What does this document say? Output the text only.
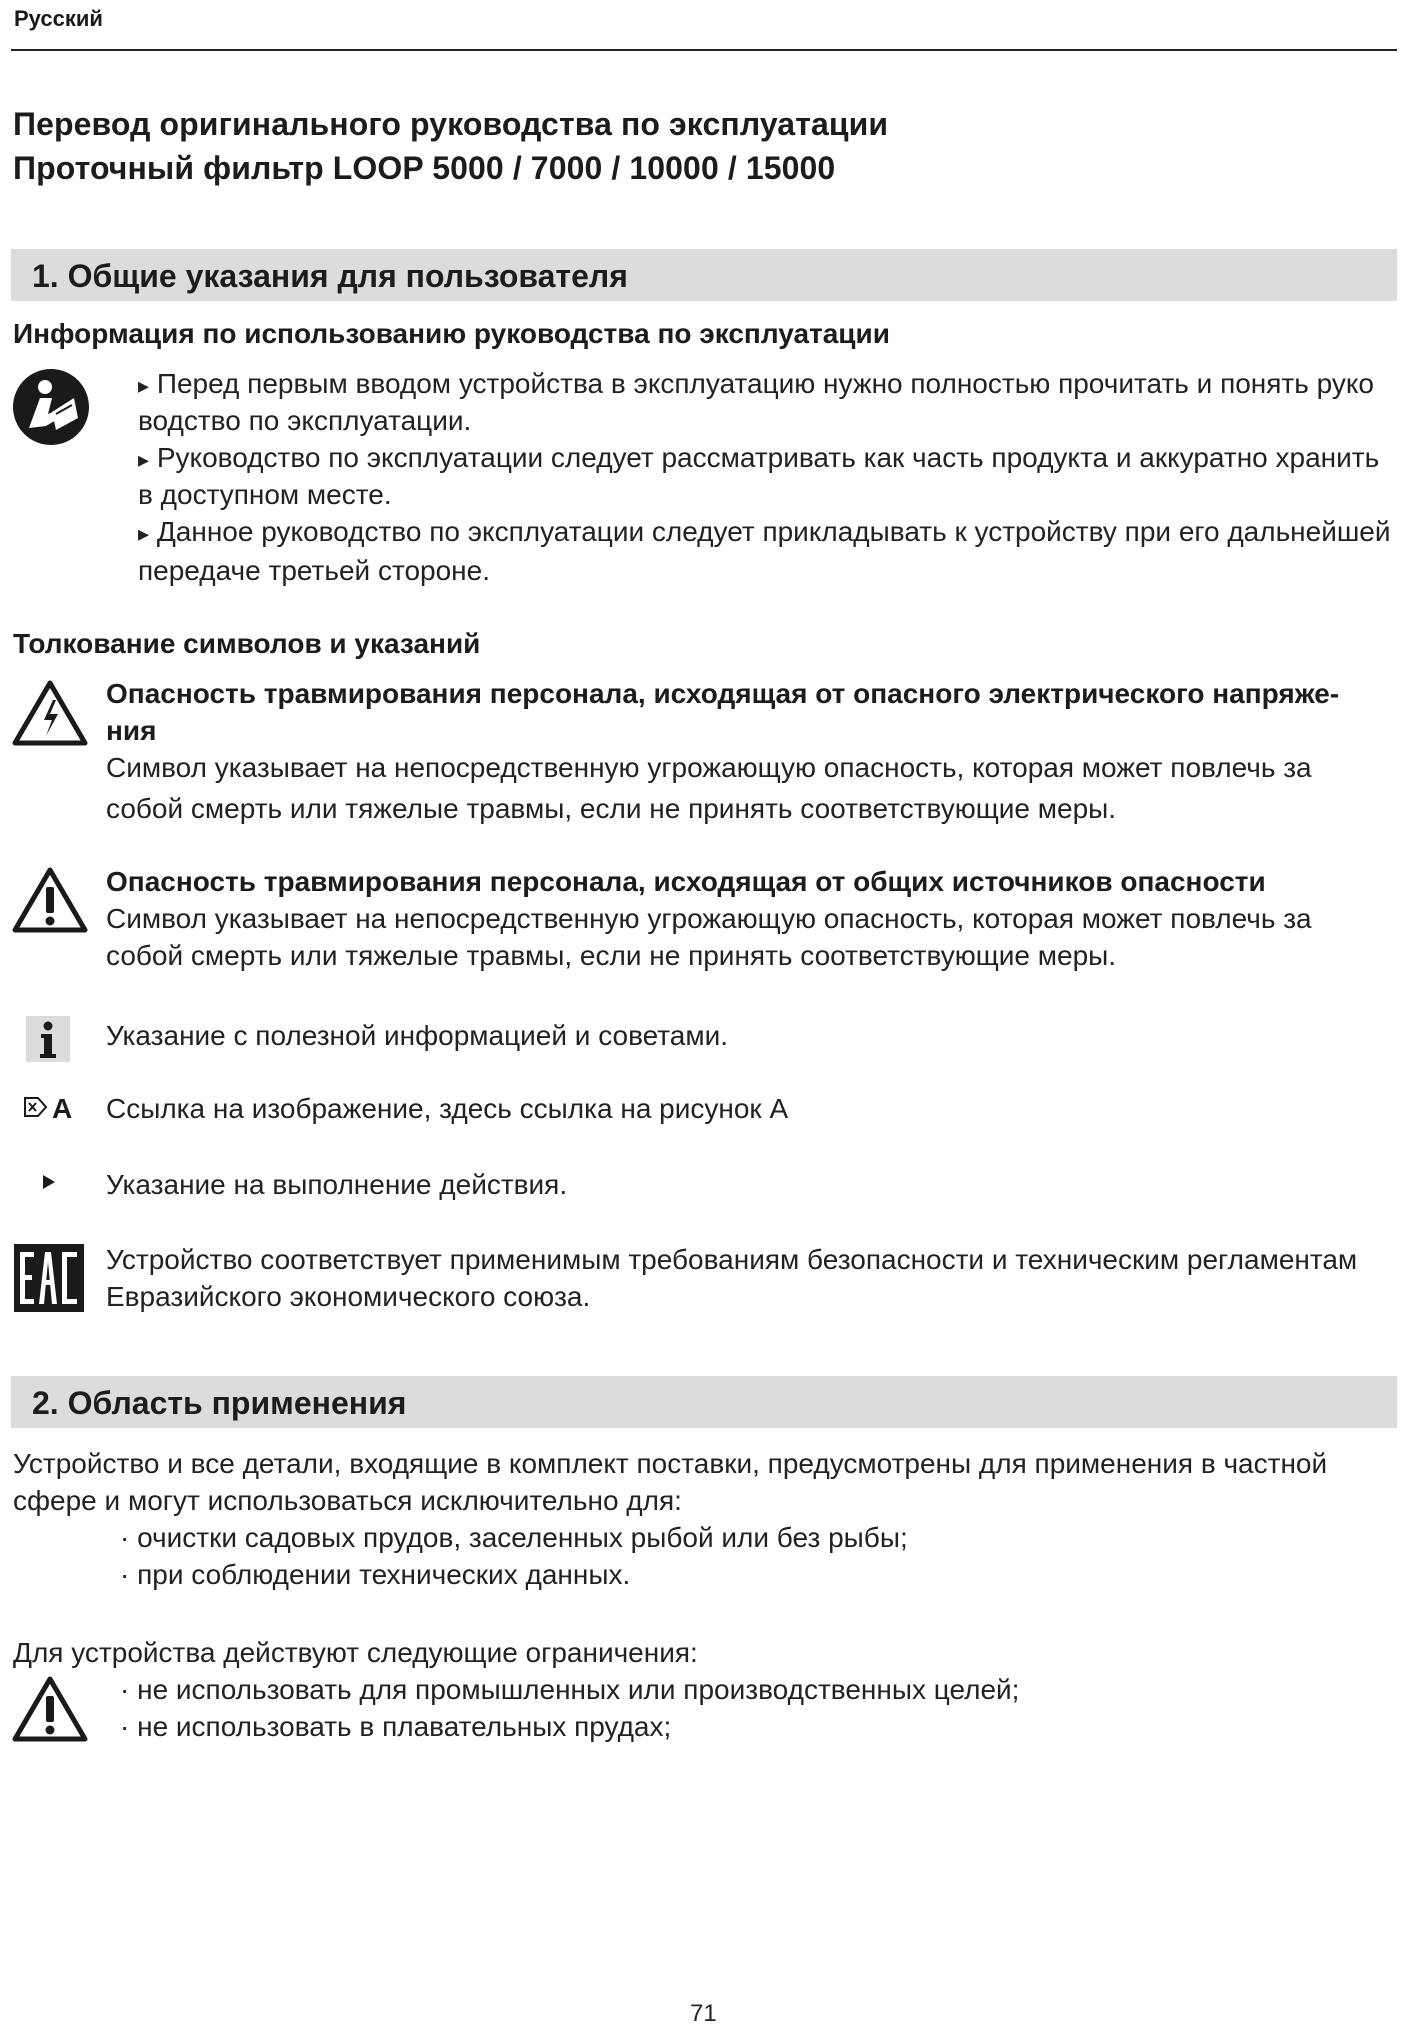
Русский
Перевод оригинального руководства по эксплуатации
Проточный фильтр LOOP 5000 / 7000 / 10000 / 15000
1. Общие указания для пользователя
Информация по использованию руководства по эксплуатации
▸ Перед первым вводом устройства в эксплуатацию нужно полностью прочитать и понять руко
водство по эксплуатации.
▸ Руководство по эксплуатации следует рассматривать как часть продукта и аккуратно хранить
в доступном месте.
▸ Данное руководство по эксплуатации следует прикладывать к устройству при его дальнейшей
передаче третьей стороне.
Толкование символов и указаний
Опасность травмирования персонала, исходящая от опасного электрического напряже-
ния
Символ указывает на непосредственную угрожающую опасность, которая может повлечь за
собой смерть или тяжелые травмы, если не принять соответствующие меры.
Опасность травмирования персонала, исходящая от общих источников опасности
Символ указывает на непосредственную угрожающую опасность, которая может повлечь за
собой смерть или тяжелые травмы, если не принять соответствующие меры.
Указание с полезной информацией и советами.
A Ссылка на изображение, здесь ссылка на рисунок A
Указание на выполнение действия.
Устройство соответствует применимым требованиям безопасности и техническим регламентам
Евразийского экономического союза.
2. Область применения
Устройство и все детали, входящие в комплект поставки, предусмотрены для применения в частной
сфере и могут использоваться исключительно для:
· очистки садовых прудов, заселенных рыбой или без рыбы;
· при соблюдении технических данных.
Для устройства действуют следующие ограничения:
· не использовать для промышленных или производственных целей;
· не использовать в плавательных прудах;
71
